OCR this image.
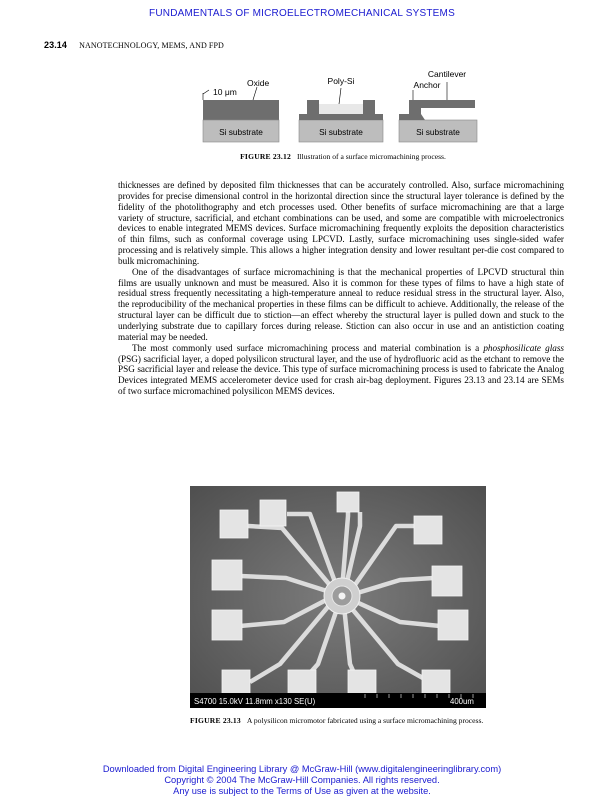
FUNDAMENTALS OF MICROELECTROMECHANICAL SYSTEMS
23.14 NANOTECHNOLOGY, MEMS, AND FPD
10 μm
Oxide
Si substrate
Poly-Si
Si substrate
Anchor
Cantilever
Si substrate
FIGURE 23.12 Illustration of a surface micromachining process.

thicknesses are defined by deposited film thicknesses that can be accurately controlled. Also, surface micromachining provides for precise dimensional control in the horizontal direction since the structural layer tolerance is defined by the fidelity of the photolithography and etch processes used. Other benefits of surface micromachining are that a large variety of structure, sacrificial, and etchant combinations can be used, and some are compatible with microelectronics devices to enable integrated MEMS devices. Surface micromachining frequently exploits the deposition characteristics of thin films, such as conformal coverage using LPCVD. Lastly, surface micromachining uses single-sided wafer processing and is relatively simple. This allows a higher integration density and lower resultant per-die cost compared to bulk micromachining.

One of the disadvantages of surface micromachining is that the mechanical properties of LPCVD structural thin films are usually unknown and must be measured. Also it is common for these types of films to have a high state of residual stress frequently necessitating a high-temperature anneal to reduce residual stress in the structural layer. Also, the reproducibility of the mechanical properties in these films can be difficult to achieve. Additionally, the release of the structural layer can be difficult due to stiction—an effect whereby the structural layer is pulled down and stuck to the underlying substrate due to capillary forces during release. Stiction can also occur in use and an antistiction coating material may be needed.

The most commonly used surface micromachining process and material combination is a phosphosilicate glass (PSG) sacrificial layer, a doped polysilicon structural layer, and the use of hydrofluoric acid as the etchant to remove the PSG sacrificial layer and release the device. This type of surface micromachining process is used to fabricate the Analog Devices integrated MEMS accelerometer device used for crash air-bag deployment. Figures 23.13 and 23.14 are SEMs of two surface micromachined polysilicon MEMS devices.

S4700 15.0kV 11.8mm x130 SE(U)	400um
FIGURE 23.13 A polysilicon micromotor fabricated using a surface micromachining process.
Downloaded from Digital Engineering Library @ McGraw-Hill (www.digitalengineeringlibrary.com)
Copyright © 2004 The McGraw-Hill Companies. All rights reserved.
Any use is subject to the Terms of Use as given at the website.
